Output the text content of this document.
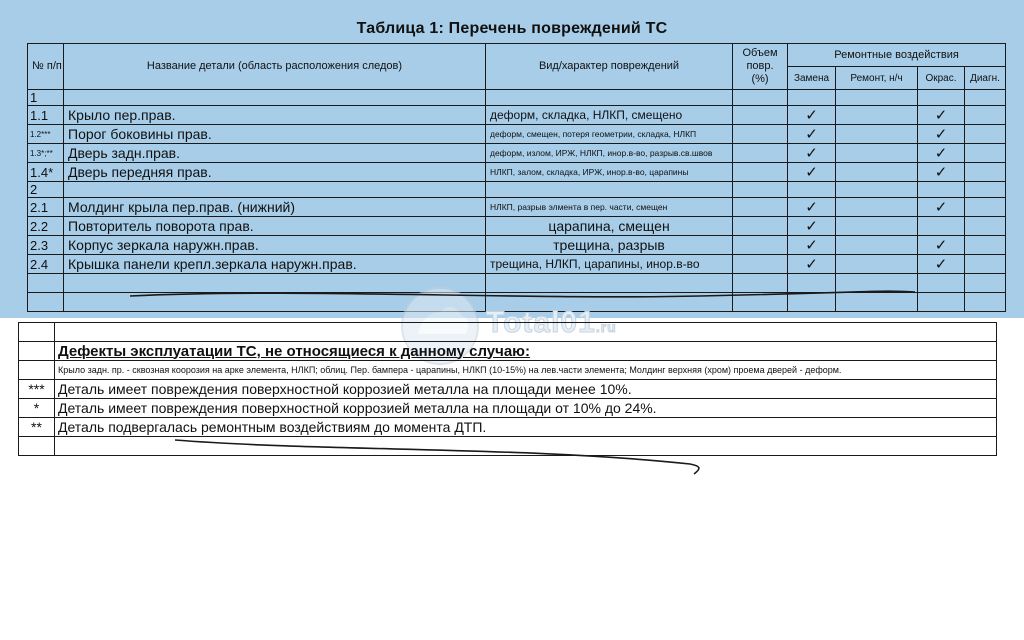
Таблица 1: Перечень повреждений ТС
№ п/п	Название детали (область расположения следов)	Вид/характер повреждений	Объем повр. (%)	Ремонтные воздействия			
				Замена	Ремонт, н/ч	Окрас.	Диагн.
1							
1.1	Крыло пер.прав.	деформ, складка, НЛКП, смещено		✓		✓	
1.2***	Порог боковины прав.	деформ, смещен, потеря геометрии, складка, НЛКП		✓		✓	
1.3*;**	Дверь задн.прав.	деформ, излом, ИРЖ, НЛКП, инор.в-во, разрыв.св.швов		✓		✓	
1.4*	Дверь передняя прав.	НЛКП, залом, складка, ИРЖ, инор.в-во, царапины		✓		✓	
2							
2.1	Молдинг крыла пер.прав. (нижний)	НЛКП, разрыв элмента в пер. части, смещен		✓		✓	
2.2	Повторитель поворота прав.	царапина, смещен		✓			
2.3	Корпус зеркала наружн.прав.	трещина, разрыв		✓		✓	
2.4	Крышка панели крепл.зеркала наружн.прав.	трещина, НЛКП, царапины, инор.в-во		✓		✓	

Total01.ru

	Дефекты эксплуатации ТС, не относящиеся к данному случаю:
	Крыло задн. пр. - сквозная коорозия на арке элемента, НЛКП; облиц. Пер. бампера - царапины, НЛКП (10-15%) на лев.части элемента; Молдинг верхняя (хром) проема дверей - деформ.
***	Деталь имеет повреждения поверхностной коррозией металла на площади менее 10%.
*	Деталь имеет повреждения поверхностной коррозией металла на площади от 10% до 24%.
**	Деталь подвергалась ремонтным воздействиям до момента ДТП.
